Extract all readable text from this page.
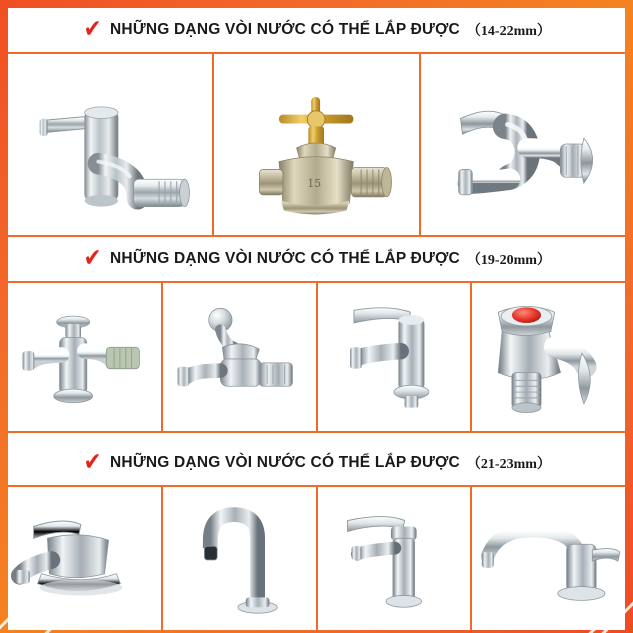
✔ NHỮNG DẠNG VÒI NƯỚC CÓ THỂ LẮP ĐƯỢC （14-22mm）
15
✔ NHỮNG DẠNG VÒI NƯỚC CÓ THỂ LẮP ĐƯỢC （19-20mm）
✔ NHỮNG DẠNG VÒI NƯỚC CÓ THỂ LẮP ĐƯỢC （21-23mm）
